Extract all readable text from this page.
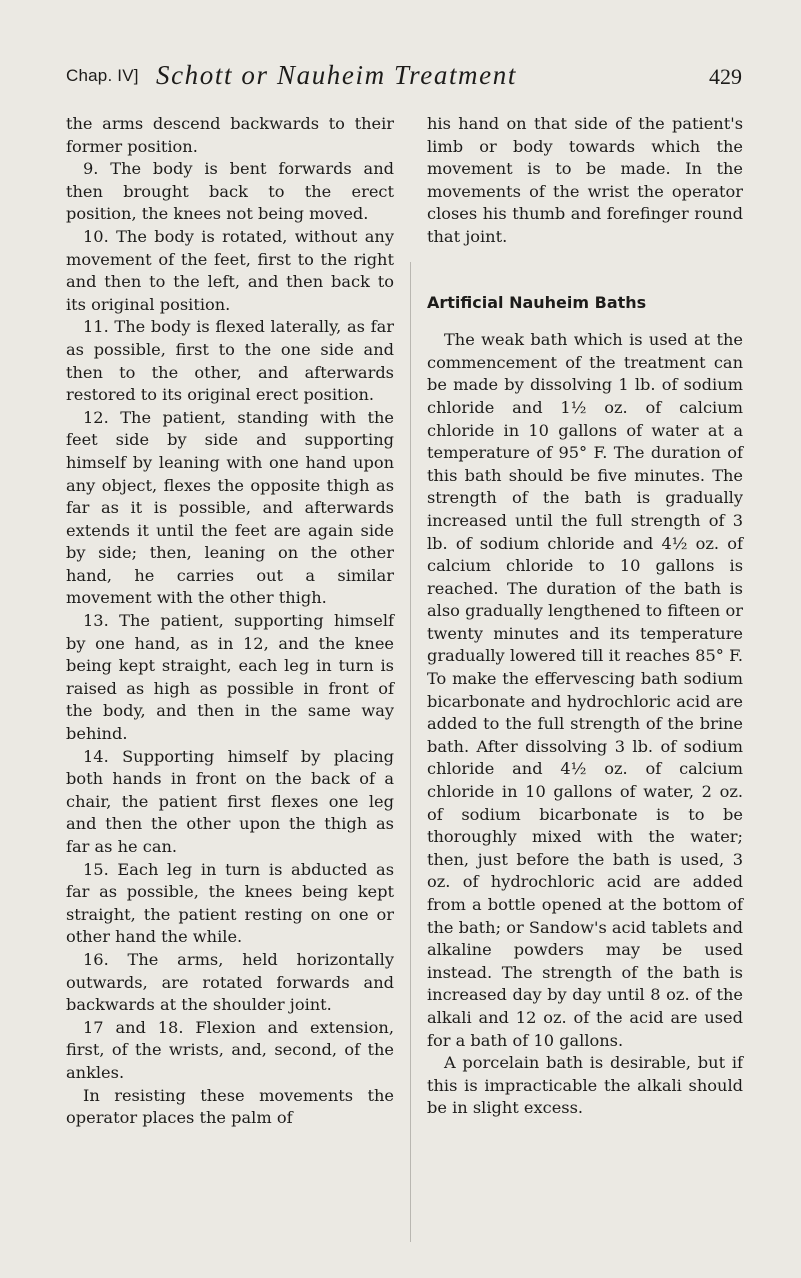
Chap. IV] Schott or Nauheim Treatment	429

the arms descend backwards to their former position.

9. The body is bent forwards and then brought back to the erect position, the knees not being moved.

10. The body is rotated, without any movement of the feet, first to the right and then to the left, and then back to its original position.

11. The body is flexed laterally, as far as possible, first to the one side and then to the other, and afterwards restored to its original erect position.

12. The patient, standing with the feet side by side and supporting himself by leaning with one hand upon any object, flexes the opposite thigh as far as it is possible, and afterwards extends it until the feet are again side by side; then, leaning on the other hand, he carries out a similar movement with the other thigh.

13. The patient, supporting himself by one hand, as in 12, and the knee being kept straight, each leg in turn is raised as high as possible in front of the body, and then in the same way behind.

14. Supporting himself by placing both hands in front on the back of a chair, the patient first flexes one leg and then the other upon the thigh as far as he can.

15. Each leg in turn is abducted as far as possible, the knees being kept straight, the patient resting on one or other hand the while.

16. The arms, held horizontally outwards, are rotated forwards and backwards at the shoulder joint.

17 and 18. Flexion and extension, first, of the wrists, and, second, of the ankles.

In resisting these movements the operator places the palm of

his hand on that side of the patient's limb or body towards which the movement is to be made. In the movements of the wrist the operator closes his thumb and forefinger round that joint.

Artificial Nauheim Baths

The weak bath which is used at the commencement of the treatment can be made by dissolving 1 lb. of sodium chloride and 1½ oz. of calcium chloride in 10 gallons of water at a temperature of 95° F. The duration of this bath should be five minutes. The strength of the bath is gradually increased until the full strength of 3 lb. of sodium chloride and 4½ oz. of calcium chloride to 10 gallons is reached. The duration of the bath is also gradually lengthened to fifteen or twenty minutes and its temperature gradually lowered till it reaches 85° F. To make the effervescing bath sodium bicarbonate and hydrochloric acid are added to the full strength of the brine bath. After dissolving 3 lb. of sodium chloride and 4½ oz. of calcium chloride in 10 gallons of water, 2 oz. of sodium bicarbonate is to be thoroughly mixed with the water; then, just before the bath is used, 3 oz. of hydrochloric acid are added from a bottle opened at the bottom of the bath; or Sandow's acid tablets and alkaline powders may be used instead. The strength of the bath is increased day by day until 8 oz. of the alkali and 12 oz. of the acid are used for a bath of 10 gallons.

A porcelain bath is desirable, but if this is impracticable the alkali should be in slight excess.
